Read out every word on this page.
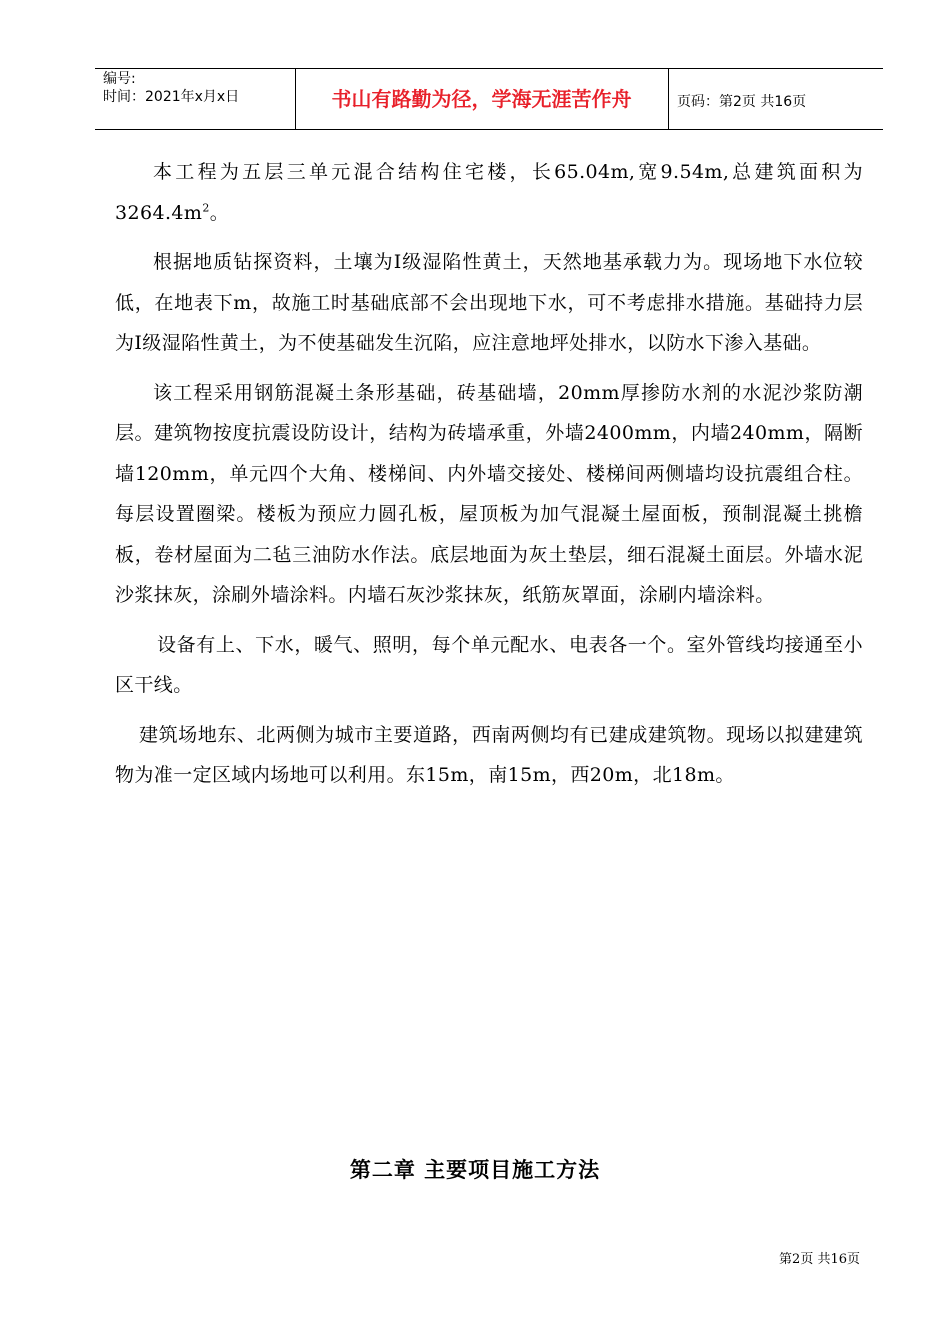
编号:
时间：2021年x月x日	书山有路勤为径，学海无涯苦作舟	页码：第2页 共16页

本工程为五层三单元混合结构住宅楼，长65.04m,宽9.54m,总建筑面积为$3264.4m^2$。

根据地质钻探资料，土壤为Ⅰ级湿陷性黄土，天然地基承载力为。现场地下水位较低，在地表下m，故施工时基础底部不会出现地下水，可不考虑排水措施。基础持力层为Ⅰ级湿陷性黄土，为不使基础发生沉陷，应注意地坪处排水，以防水下渗入基础。

该工程采用钢筋混凝土条形基础，砖基础墙，20mm厚掺防水剂的水泥沙浆防潮层。建筑物按度抗震设防设计，结构为砖墙承重，外墙2400mm，内墙240mm，隔断墙120mm，单元四个大角、楼梯间、内外墙交接处、楼梯间两侧墙均设抗震组合柱。每层设置圈梁。楼板为预应力圆孔板，屋顶板为加气混凝土屋面板，预制混凝土挑檐板，卷材屋面为二毡三油防水作法。底层地面为灰土垫层，细石混凝土面层。外墙水泥沙浆抹灰，涂刷外墙涂料。内墙石灰沙浆抹灰，纸筋灰罩面，涂刷内墙涂料。

设备有上、下水，暖气、照明，每个单元配水、电表各一个。室外管线均接通至小区干线。

建筑场地东、北两侧为城市主要道路，西南两侧均有已建成建筑物。现场以拟建建筑物为准一定区域内场地可以利用。东15m，南15m，西20m，北18m。

第二章 主要项目施工方法
第2页 共16页
